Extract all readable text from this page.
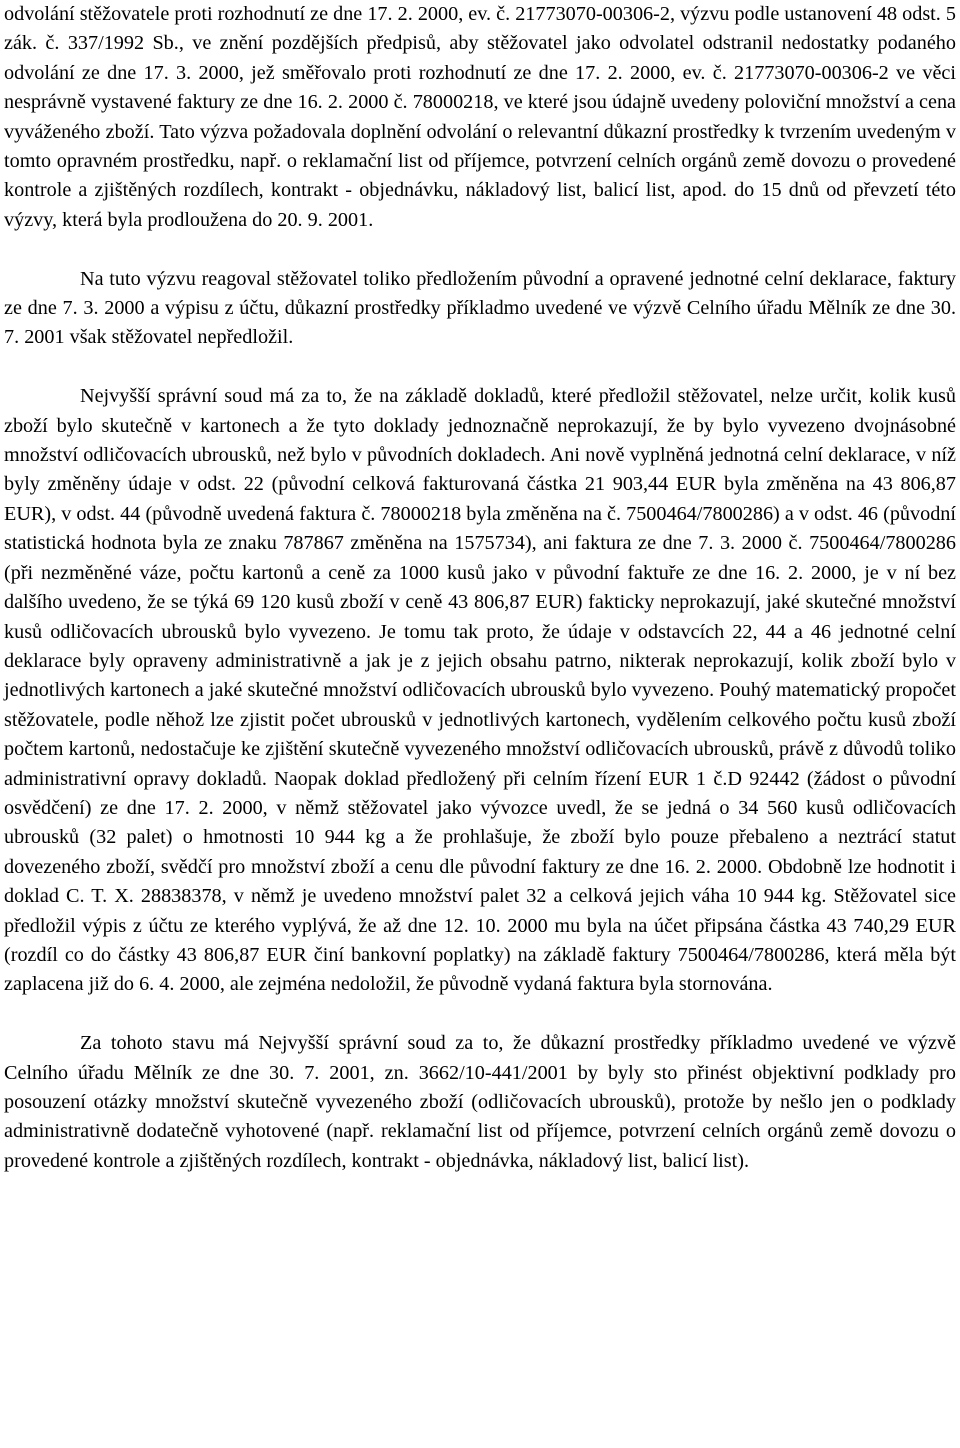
odvolání stěžovatele proti rozhodnutí ze dne 17. 2. 2000, ev. č. 21773070-00306-2, výzvu podle ustanovení 48 odst. 5 zák. č. 337/1992 Sb., ve znění pozdějších předpisů, aby stěžovatel jako odvolatel odstranil nedostatky podaného odvolání ze dne 17. 3. 2000, jež směřovalo proti rozhodnutí ze dne 17. 2. 2000, ev. č. 21773070-00306-2 ve věci nesprávně vystavené faktury ze dne 16. 2. 2000 č. 78000218, ve které jsou údajně uvedeny poloviční množství a cena vyváženého zboží. Tato výzva požadovala doplnění odvolání o relevantní důkazní prostředky k tvrzením uvedeným v tomto opravném prostředku, např. o reklamační list od příjemce, potvrzení celních orgánů země dovozu o provedené kontrole a zjištěných rozdílech, kontrakt - objednávku, nákladový list, balicí list, apod. do 15 dnů od převzetí této výzvy, která byla prodloužena do 20. 9. 2001.

Na tuto výzvu reagoval stěžovatel toliko předložením původní a opravené jednotné celní deklarace, faktury ze dne 7. 3. 2000 a výpisu z účtu, důkazní prostředky příkladmo uvedené ve výzvě Celního úřadu Mělník ze dne 30. 7. 2001 však stěžovatel nepředložil.

Nejvyšší správní soud má za to, že na základě dokladů, které předložil stěžovatel, nelze určit, kolik kusů zboží bylo skutečně v kartonech a že tyto doklady jednoznačně neprokazují, že by bylo vyvezeno dvojnásobné množství odličovacích ubrousků, než bylo v původních dokladech. Ani nově vyplněná jednotná celní deklarace, v níž byly změněny údaje v odst. 22 (původní celková fakturovaná částka 21 903,44 EUR byla změněna na 43 806,87 EUR), v odst. 44 (původně uvedená faktura č. 78000218 byla změněna na č. 7500464/7800286) a v odst. 46 (původní statistická hodnota byla ze znaku 787867 změněna na 1575734), ani faktura ze dne 7. 3. 2000 č. 7500464/7800286 (při nezměněné váze, počtu kartonů a ceně za 1000 kusů jako v původní faktuře ze dne 16. 2. 2000, je v ní bez dalšího uvedeno, že se týká 69 120 kusů zboží v ceně 43 806,87 EUR) fakticky neprokazují, jaké skutečné množství kusů odličovacích ubrousků bylo vyvezeno. Je tomu tak proto, že údaje v odstavcích 22, 44 a 46 jednotné celní deklarace byly opraveny administrativně a jak je z jejich obsahu patrno, nikterak neprokazují, kolik zboží bylo v jednotlivých kartonech a jaké skutečné množství odličovacích ubrousků bylo vyvezeno. Pouhý matematický propočet stěžovatele, podle něhož lze zjistit počet ubrousků v jednotlivých kartonech, vydělením celkového počtu kusů zboží počtem kartonů, nedostačuje ke zjištění skutečně vyvezeného množství odličovacích ubrousků, právě z důvodů toliko administrativní opravy dokladů. Naopak doklad předložený při celním řízení EUR 1 č.D 92442 (žádost o původní osvědčení) ze dne 17. 2. 2000, v němž stěžovatel jako vývozce uvedl, že se jedná o 34 560 kusů odličovacích ubrousků (32 palet) o hmotnosti 10 944 kg a že prohlašuje, že zboží bylo pouze přebaleno a neztrácí statut dovezeného zboží, svědčí pro množství zboží a cenu dle původní faktury ze dne 16. 2. 2000. Obdobně lze hodnotit i doklad C. T. X. 28838378, v němž je uvedeno množství palet 32 a celková jejich váha 10 944 kg. Stěžovatel sice předložil výpis z účtu ze kterého vyplývá, že až dne 12. 10. 2000 mu byla na účet připsána částka 43 740,29 EUR (rozdíl co do částky 43 806,87 EUR činí bankovní poplatky) na základě faktury 7500464/7800286, která měla být zaplacena již do 6. 4. 2000, ale zejména nedoložil, že původně vydaná faktura byla stornována.

Za tohoto stavu má Nejvyšší správní soud za to, že důkazní prostředky příkladmo uvedené ve výzvě Celního úřadu Mělník ze dne 30. 7. 2001, zn. 3662/10-441/2001 by byly sto přinést objektivní podklady pro posouzení otázky množství skutečně vyvezeného zboží (odličovacích ubrousků), protože by nešlo jen o podklady administrativně dodatečně vyhotovené (např. reklamační list od příjemce, potvrzení celních orgánů země dovozu o provedené kontrole a zjištěných rozdílech, kontrakt - objednávka, nákladový list, balicí list).
